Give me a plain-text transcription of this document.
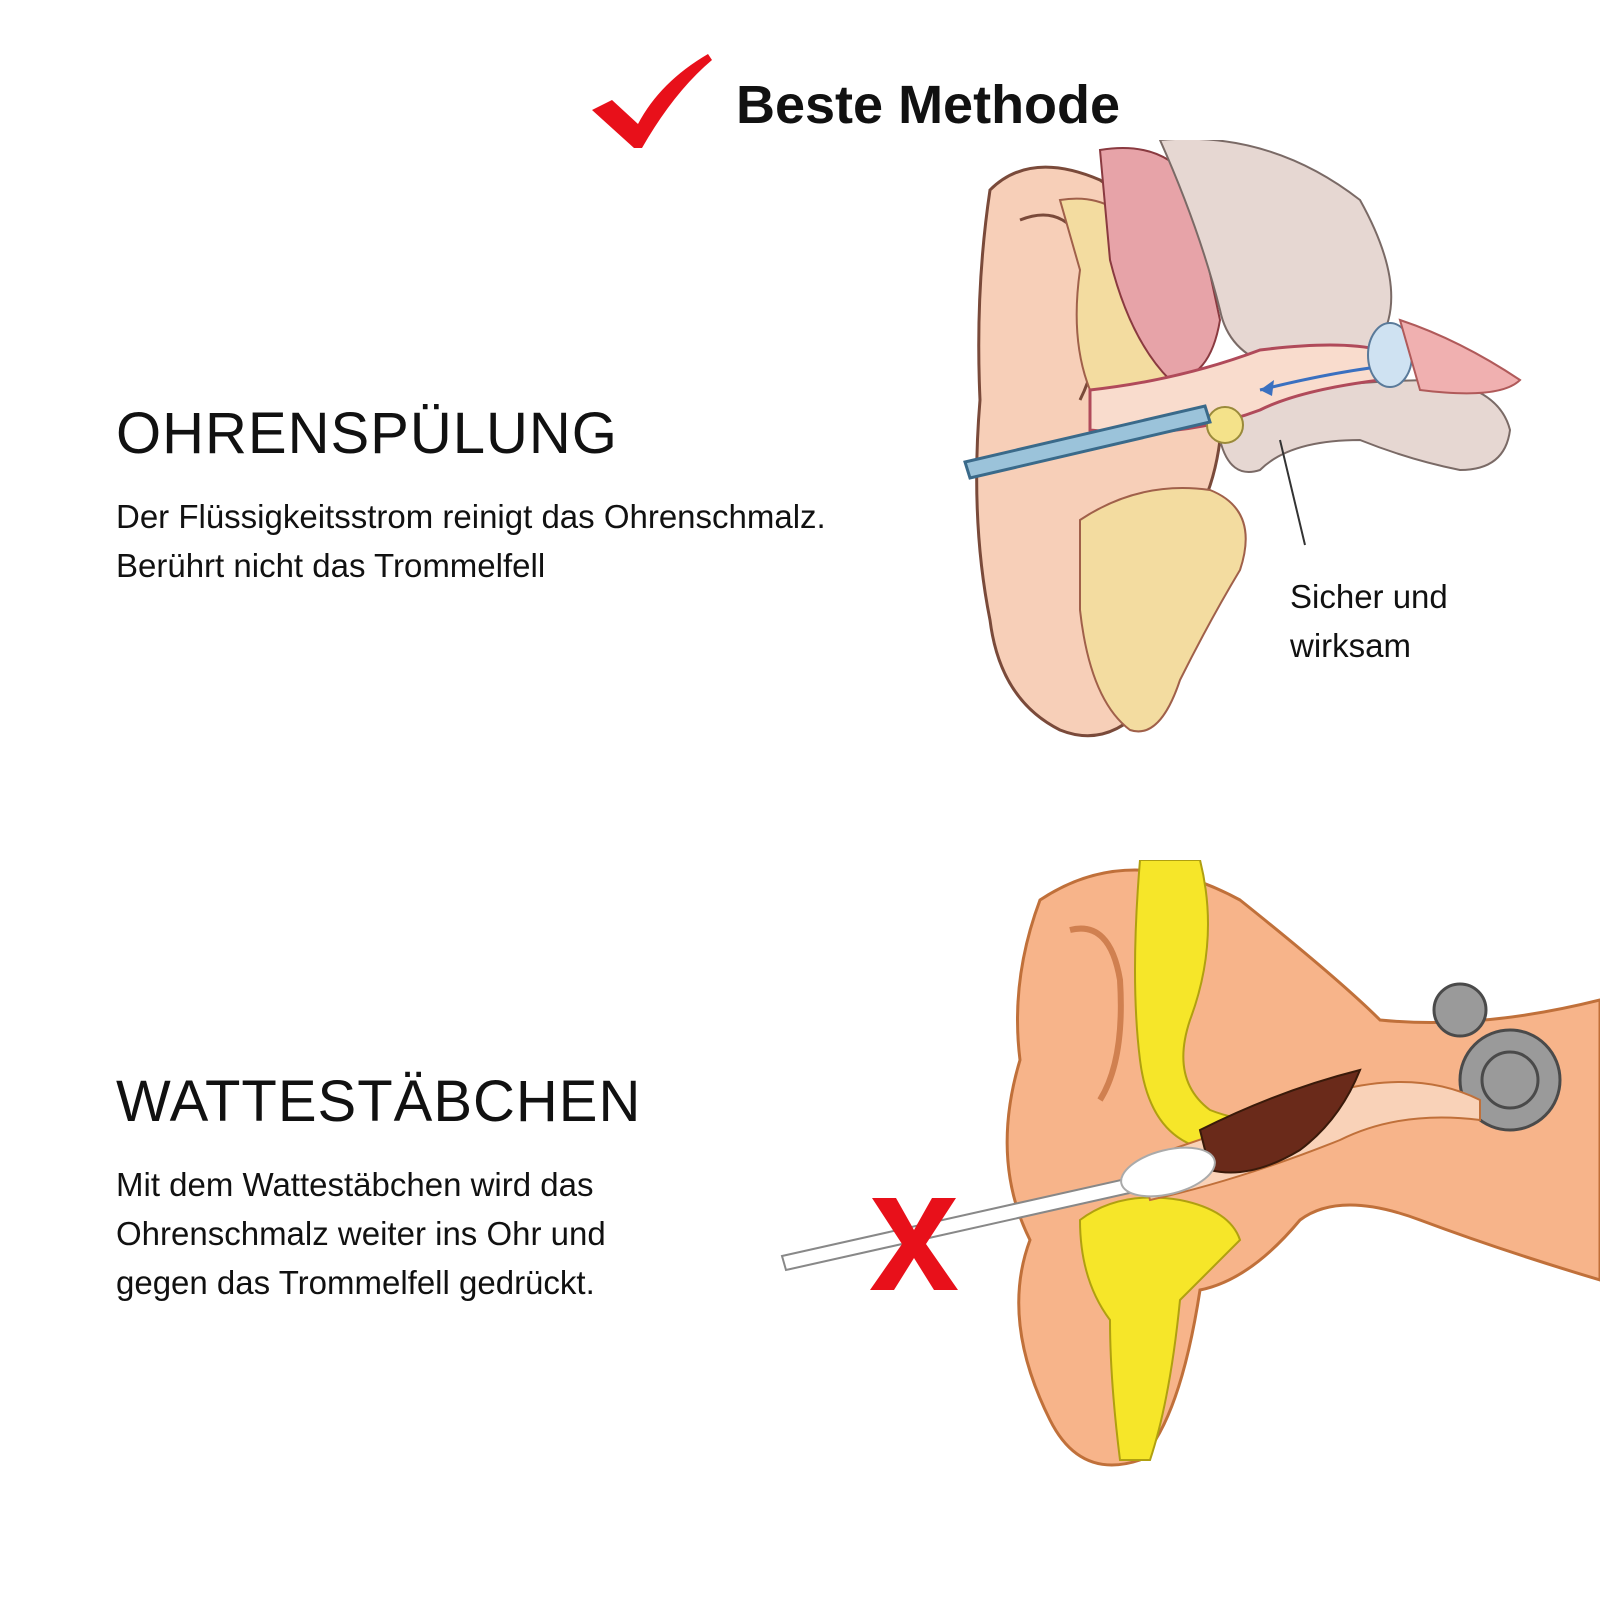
Beste Methode
OHRENSPÜLUNG
Der Flüssigkeitsstrom reinigt das Ohrenschmalz.
Berührt nicht das Trommelfell
Sicher und
wirksam
WATTESTÄBCHEN
Mit dem Wattestäbchen wird das
Ohrenschmalz weiter ins Ohr und
gegen das Trommelfell gedrückt.
